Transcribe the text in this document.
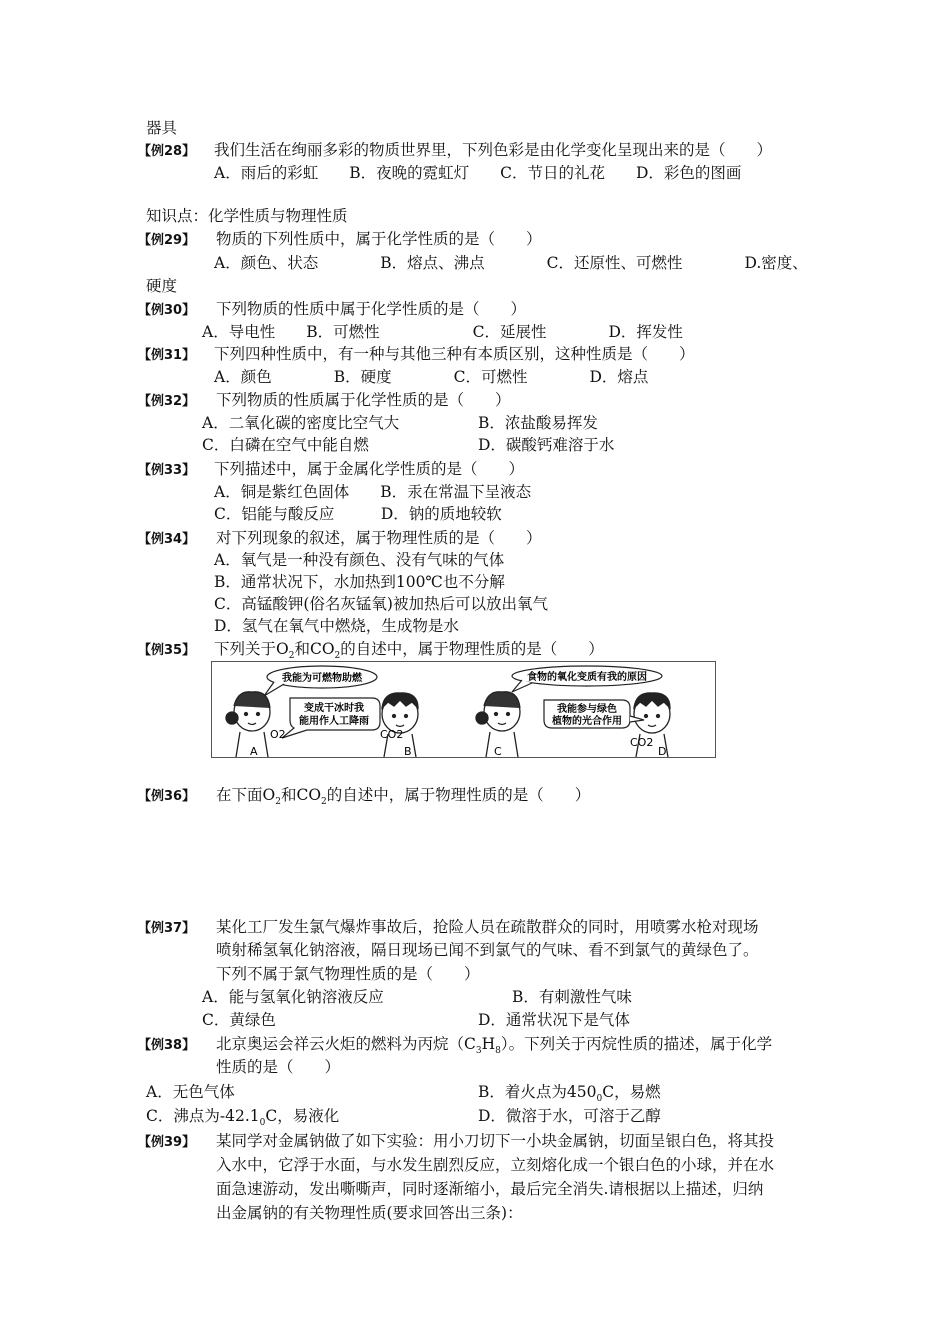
器具
【例28】 我们生活在绚丽多彩的物质世界里，下列色彩是由化学变化呈现出来的是（　　）
A．雨后的彩虹　　B．夜晚的霓虹灯　　C．节日的礼花　　D．彩色的图画
知识点：化学性质与物理性质
【例29】 物质的下列性质中，属于化学性质的是（　　）
A．颜色、状态　　　　B．熔点、沸点　　　　C．还原性、可燃性　　　　D.密度、
硬度
【例30】 下列物质的性质中属于化学性质的是（　　）
A．导电性　　B．可燃性　　　　　　C．延展性　　　　D．挥发性
【例31】 下列四种性质中，有一种与其他三种有本质区别，这种性质是（　　）
A．颜色　　　　B．硬度　　　　C．可燃性　　　　D．熔点
【例32】 下列物质的性质属于化学性质的是（　　）
A．二氧化碳的密度比空气大	B．浓盐酸易挥发
C．白磷在空气中能自燃	D．碳酸钙难溶于水
【例33】 下列描述中，属于金属化学性质的是（　　）
A．铜是紫红色固体　　B．汞在常温下呈液态
C．铝能与酸反应　　　D．钠的质地较软
【例34】 对下列现象的叙述，属于物理性质的是（　　）
A．氧气是一种没有颜色、没有气味的气体
B．通常状况下，水加热到100℃也不分解
C．高锰酸钾(俗名灰锰氧)被加热后可以放出氧气
D．氢气在氧气中燃烧，生成物是水
【例35】 下列关于$O_2$和$CO_2$的自述中，属于物理性质的是（　　）
我能为可燃物助燃
变成干冰时我
能用作人工降雨
O2	CO2
食物的氧化变质有我的原因
我能参与绿色
植物的光合作用
CO2
A	B	C	D
【例36】 在下面$O_2$和$CO_2$的自述中，属于物理性质的是（　　）
【例37】 某化工厂发生氯气爆炸事故后，抢险人员在疏散群众的同时，用喷雾水枪对现场
喷射稀氢氧化钠溶液，隔日现场已闻不到氯气的气味、看不到氯气的黄绿色了。
下列不属于氯气物理性质的是（　　）
A．能与氢氧化钠溶液反应	B．有刺激性气味
C．黄绿色	D．通常状况下是气体
【例38】 北京奥运会祥云火炬的燃料为丙烷$(C_3H_8)$。下列关于丙烷性质的描述，属于化学
性质的是（　　）
A．无色气体	B．着火点为$450_0C$，易燃
C．沸点为$-42.1_0C$，易液化	D．微溶于水，可溶于乙醇
【例39】 某同学对金属钠做了如下实验：用小刀切下一小块金属钠，切面呈银白色，将其投
入水中，它浮于水面，与水发生剧烈反应，立刻熔化成一个银白色的小球，并在水
面急速游动，发出嘶嘶声，同时逐渐缩小，最后完全消失.请根据以上描述，归纳
出金属钠的有关物理性质(要求回答出三条)：
